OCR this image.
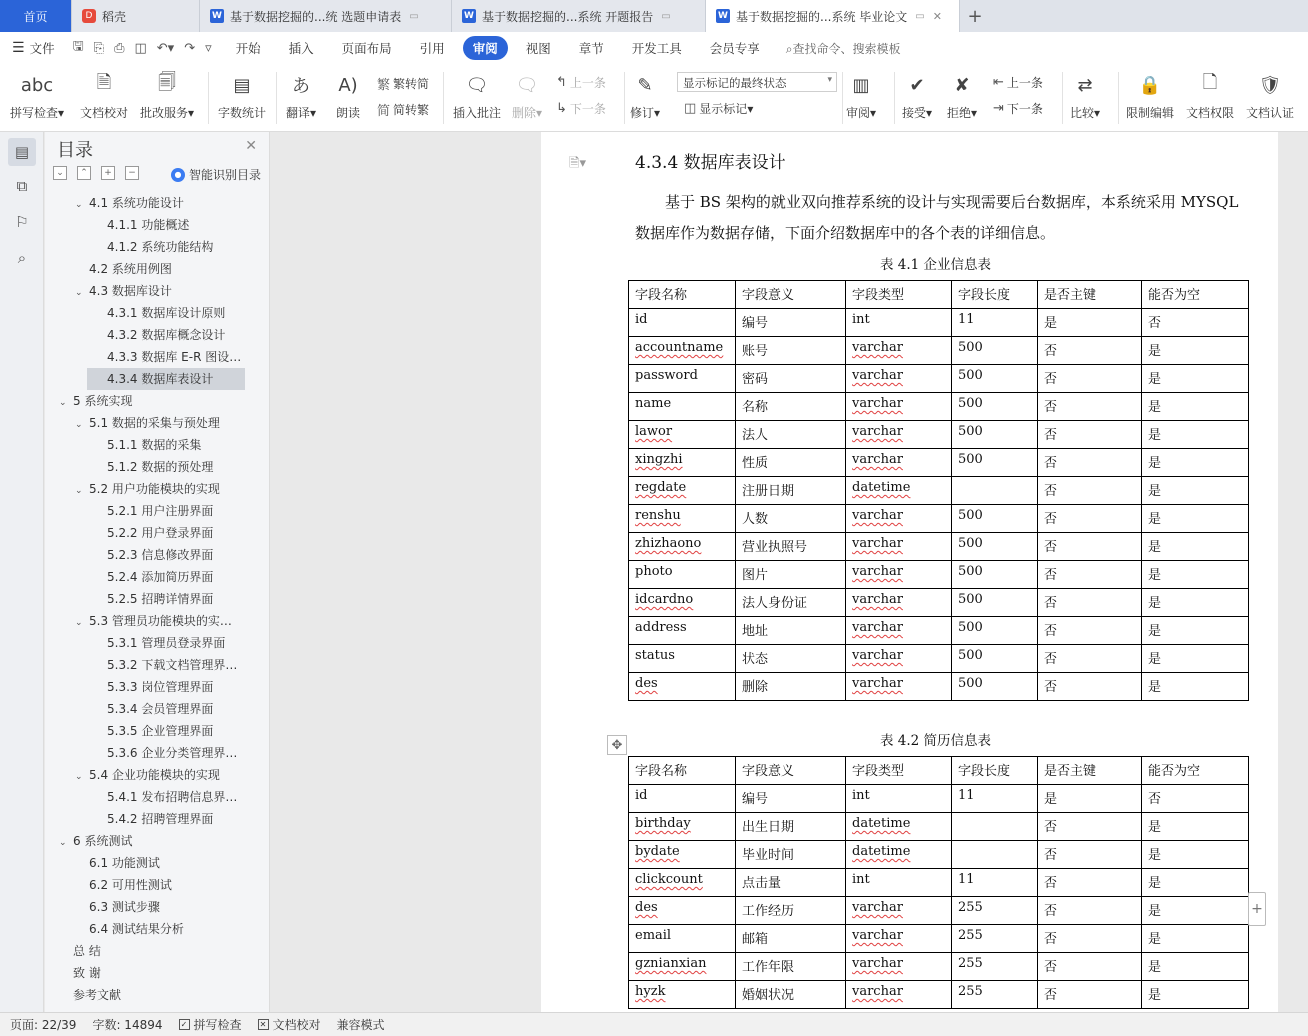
首页	D 稻壳	W 基于数据挖掘的...统 选题申请表 ▭	W 基于数据挖掘的...系统 开题报告 ▭	W 基于数据挖掘的...系统 毕业论文 ▭ ✕	+
☰ 文件 🖫 ⎘ ⎙ ◫ ↶▾ ↷ ▿	开始	插入	页面布局	引用	审阅	视图	章节	开发工具	会员专享	⌕查找命令、搜索模板
abc
拼写检查▾
🗎
文档校对
🗐
批改服务▾
▤
字数统计
あ
翻译▾
A)
朗读
繁 繁转简
简 简转繁
🗨
插入批注
🗨
删除▾
↰ 上一条
↳ 下一条
✎
修订▾
显示标记的最终状态 ▾
◫ 显示标记 ▾
▥
审阅▾
✔
接受▾
✘
拒绝▾
⇤ 上一条
⇥ 下一条
⇄
比较▾
🔒
限制编辑
🗋
文档权限
🛡
文档认证
▤
⧉
⚐
⌕
目录	✕
⌄	⌃	+	−	● 智能识别目录
⌄ 4.1 系统功能设计
4.1.1 功能概述
4.1.2 系统功能结构
4.2 系统用例图
⌄ 4.3 数据库设计
4.3.1 数据库设计原则
4.3.2 数据库概念设计
4.3.3 数据库 E-R 图设…
4.3.4 数据库表设计
⌄ 5 系统实现
⌄ 5.1 数据的采集与预处理
5.1.1 数据的采集
5.1.2 数据的预处理
⌄ 5.2 用户功能模块的实现
5.2.1 用户注册界面
5.2.2 用户登录界面
5.2.3 信息修改界面
5.2.4 添加简历界面
5.2.5 招聘详情界面
⌄ 5.3 管理员功能模块的实…
5.3.1 管理员登录界面
5.3.2 下载文档管理界…
5.3.3 岗位管理界面
5.3.4 会员管理界面
5.3.5 企业管理界面
5.3.6 企业分类管理界…
⌄ 5.4 企业功能模块的实现
5.4.1 发布招聘信息界…
5.4.2 招聘管理界面
⌄ 6 系统测试
6.1 功能测试
6.2 可用性测试
6.3 测试步骤
6.4 测试结果分析
总 结
致 谢
参考文献
🗎▾	4.3.4 数据库表设计
基于 BS 架构的就业双向推荐系统的设计与实现需要后台数据库，本系统采用 MYSQL 数据库作为数据存储，下面介绍数据库中的各个表的详细信息。
表 4.1 企业信息表
字段名称	字段意义	字段类型	字段长度	是否主键	能否为空
id	编号	int	11	是	否
accountname	账号	varchar	500	否	是
password	密码	varchar	500	否	是
name	名称	varchar	500	否	是
lawor	法人	varchar	500	否	是
xingzhi	性质	varchar	500	否	是
regdate	注册日期	datetime		否	是
renshu	人数	varchar	500	否	是
zhizhaono	营业执照号	varchar	500	否	是
photo	图片	varchar	500	否	是
idcardno	法人身份证	varchar	500	否	是
address	地址	varchar	500	否	是
status	状态	varchar	500	否	是
des	删除	varchar	500	否	是
✥	表 4.2 简历信息表
字段名称	字段意义	字段类型	字段长度	是否主键	能否为空
id	编号	int	11	是	否
birthday	出生日期	datetime		否	是
bydate	毕业时间	datetime		否	是
clickcount	点击量	int	11	否	是
des	工作经历	varchar	255	否	是
email	邮箱	varchar	255	否	是
gznianxian	工作年限	varchar	255	否	是
hyzk	婚姻状况	varchar	255	否	是
+
页面: 22/39 字数: 14894 ✓ 拼写检查 ✕ 文档校对 兼容模式
